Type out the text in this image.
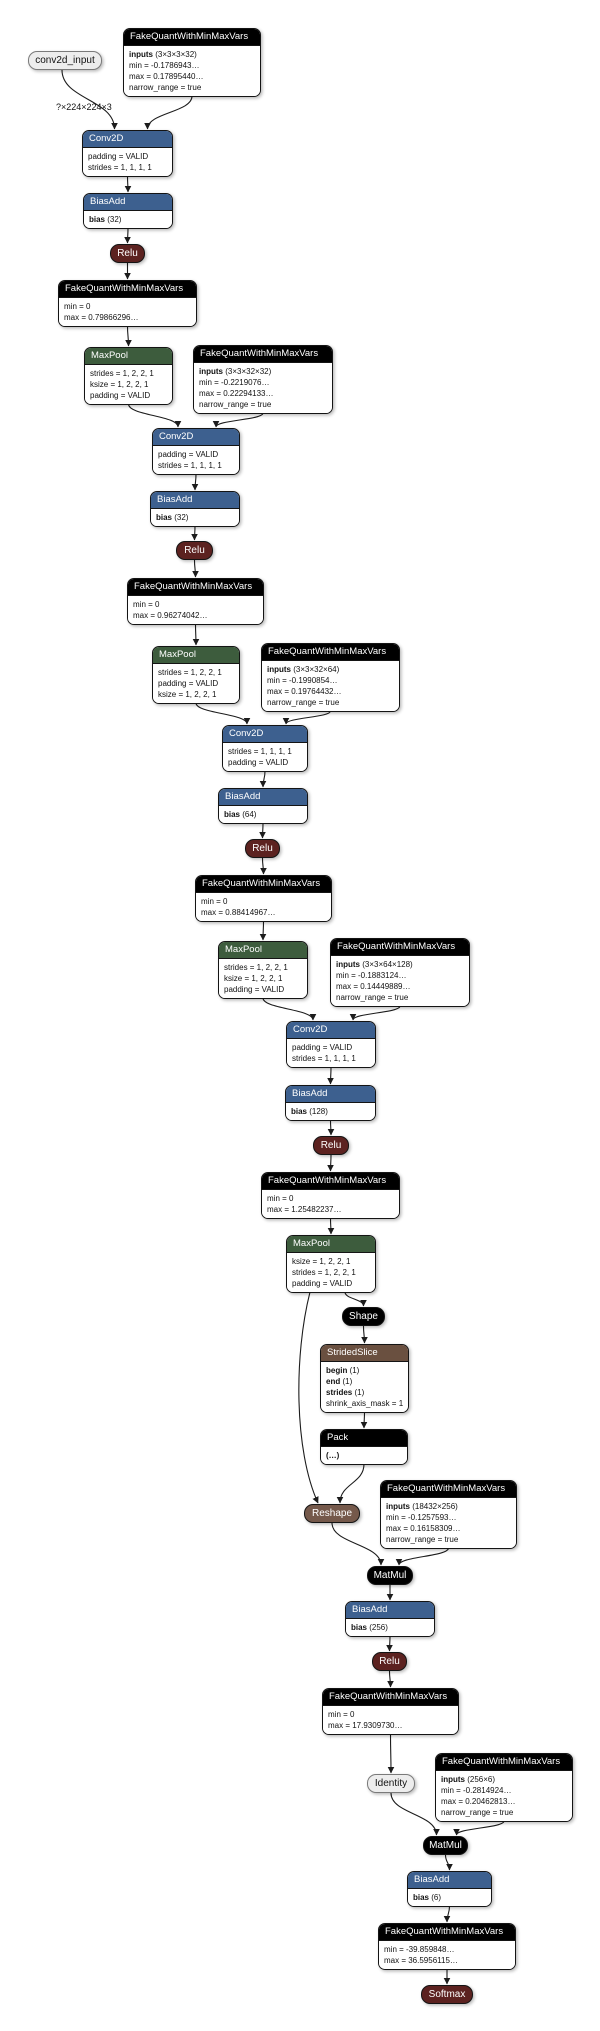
?×224×224×3
conv2d_input
FakeQuantWithMinMaxVars
inputs (3×3×3×32)
min = -0.1786943…
max = 0.17895440…
narrow_range = true
Conv2D
padding = VALID
strides = 1, 1, 1, 1
BiasAdd
bias (32)
Relu
FakeQuantWithMinMaxVars
min = 0
max = 0.79866296…
MaxPool
strides = 1, 2, 2, 1
ksize = 1, 2, 2, 1
padding = VALID
FakeQuantWithMinMaxVars
inputs (3×3×32×32)
min = -0.2219076…
max = 0.22294133…
narrow_range = true
Conv2D
padding = VALID
strides = 1, 1, 1, 1
BiasAdd
bias (32)
Relu
FakeQuantWithMinMaxVars
min = 0
max = 0.96274042…
MaxPool
strides = 1, 2, 2, 1
padding = VALID
ksize = 1, 2, 2, 1
FakeQuantWithMinMaxVars
inputs (3×3×32×64)
min = -0.1990854…
max = 0.19764432…
narrow_range = true
Conv2D
strides = 1, 1, 1, 1
padding = VALID
BiasAdd
bias (64)
Relu
FakeQuantWithMinMaxVars
min = 0
max = 0.88414967…
MaxPool
strides = 1, 2, 2, 1
ksize = 1, 2, 2, 1
padding = VALID
FakeQuantWithMinMaxVars
inputs (3×3×64×128)
min = -0.1883124…
max = 0.14449889…
narrow_range = true
Conv2D
padding = VALID
strides = 1, 1, 1, 1
BiasAdd
bias (128)
Relu
FakeQuantWithMinMaxVars
min = 0
max = 1.25482237…
MaxPool
ksize = 1, 2, 2, 1
strides = 1, 2, 2, 1
padding = VALID
Shape
StridedSlice
begin (1)
end (1)
strides (1)
shrink_axis_mask = 1
Pack
(…)
Reshape
FakeQuantWithMinMaxVars
inputs (18432×256)
min = -0.1257593…
max = 0.16158309…
narrow_range = true
MatMul
BiasAdd
bias (256)
Relu
FakeQuantWithMinMaxVars
min = 0
max = 17.9309730…
Identity
FakeQuantWithMinMaxVars
inputs (256×6)
min = -0.2814924…
max = 0.20462813…
narrow_range = true
MatMul
BiasAdd
bias (6)
FakeQuantWithMinMaxVars
min = -39.859848…
max = 36.5956115…
Softmax
